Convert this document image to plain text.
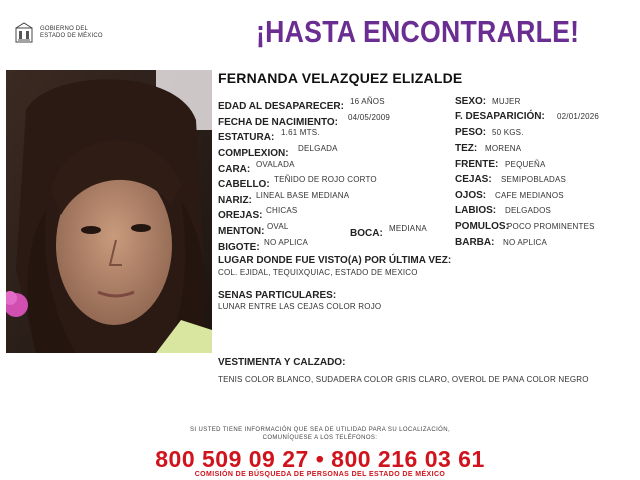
GOBIERNO DEL
ESTADO DE MÉXICO	¡HASTA ENCONTRARLE!
FERNANDA VELAZQUEZ ELIZALDE
EDAD AL DESAPARECER: 16 AÑOS
FECHA DE NACIMIENTO: 04/05/2009
ESTATURA: 1.61 MTS.
COMPLEXION: DELGADA
CARA: OVALADA
CABELLO: TEÑIDO DE ROJO CORTO
NARIZ: LINEAL BASE MEDIANA
OREJAS: CHICAS
MENTON: OVAL
BIGOTE: NO APLICA
BOCA: MEDIANA
SEXO: MUJER
F. DESAPARICIÓN: 02/01/2026
PESO: 50 KGS.
TEZ: MORENA
FRENTE: PEQUEÑA
CEJAS: SEMIPOBLADAS
OJOS: CAFE MEDIANOS
LABIOS: DELGADOS
POMULOS:
POCO PROMINENTES
BARBA: NO APLICA
LUGAR DONDE FUE VISTO(A) POR ÚLTIMA VEZ:
COL. EJIDAL, TEQUIXQUIAC, ESTADO DE MEXICO
SENAS PARTICULARES:
LUNAR ENTRE LAS CEJAS COLOR ROJO
VESTIMENTA Y CALZADO:
TENIS COLOR BLANCO, SUDADERA COLOR GRIS CLARO, OVEROL DE PANA COLOR NEGRO
SI USTED TIENE INFORMACIÓN QUE SEA DE UTILIDAD PARA SU LOCALIZACIÓN,
COMUNÍQUESE A LOS TELÉFONOS:
800 509 09 27 • 800 216 03 61
COMISIÓN DE BÚSQUEDA DE PERSONAS DEL ESTADO DE MÉXICO
